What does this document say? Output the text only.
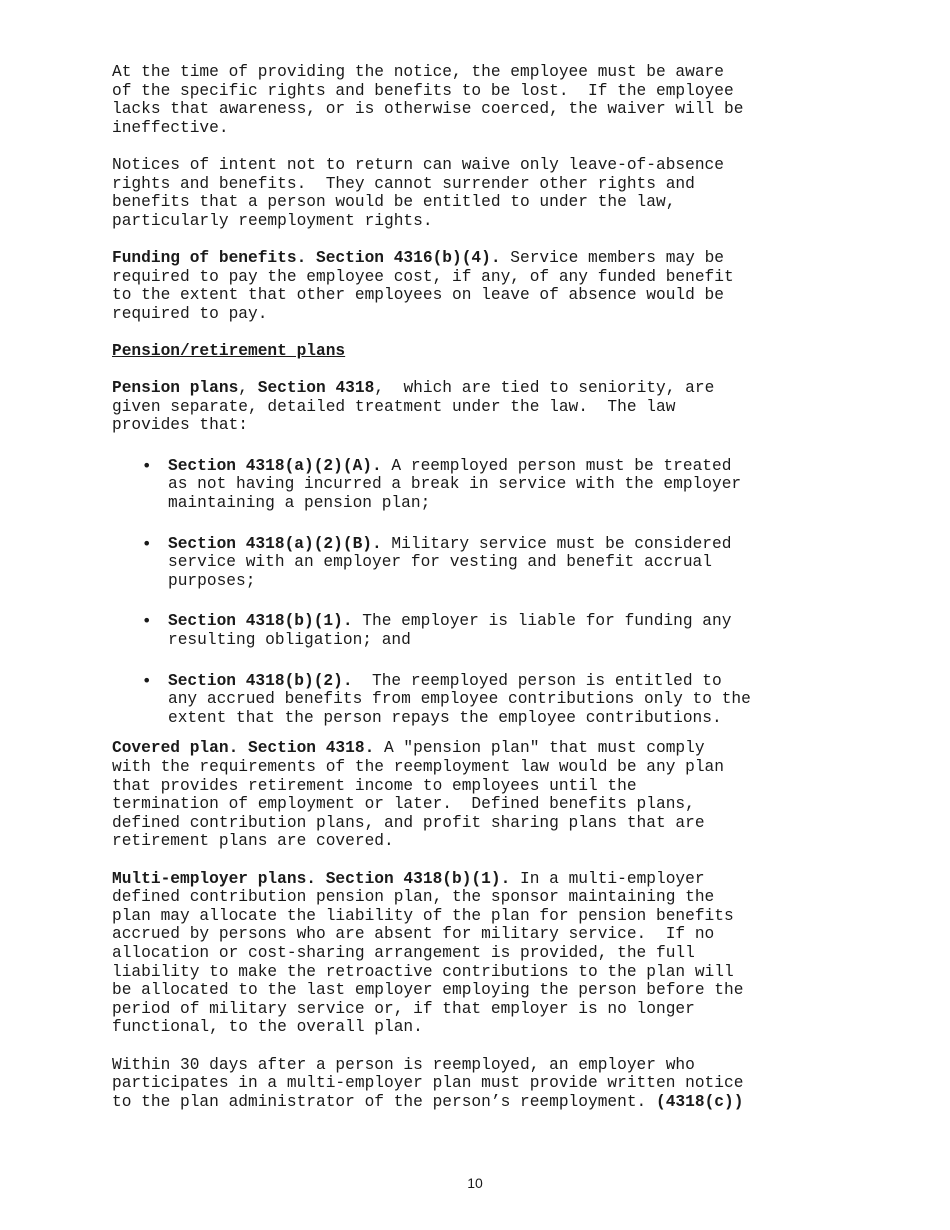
At the time of providing the notice, the employee must be aware
of the specific rights and benefits to be lost.  If the employee
lacks that awareness, or is otherwise coerced, the waiver will be
ineffective.

Notices of intent not to return can waive only leave-of-absence
rights and benefits.  They cannot surrender other rights and
benefits that a person would be entitled to under the law,
particularly reemployment rights.

Funding of benefits. Section 4316(b)(4). Service members may be
required to pay the employee cost, if any, of any funded benefit
to the extent that other employees on leave of absence would be
required to pay.

Pension/retirement plans

Pension plans, Section 4318,  which are tied to seniority, are
given separate, detailed treatment under the law.  The law
provides that:

• Section 4318(a)(2)(A). A reemployed person must be treated
as not having incurred a break in service with the employer
maintaining a pension plan;

• Section 4318(a)(2)(B). Military service must be considered
service with an employer for vesting and benefit accrual
purposes;

• Section 4318(b)(1). The employer is liable for funding any
resulting obligation; and

• Section 4318(b)(2).  The reemployed person is entitled to
any accrued benefits from employee contributions only to the
extent that the person repays the employee contributions.

Covered plan. Section 4318. A "pension plan" that must comply
with the requirements of the reemployment law would be any plan
that provides retirement income to employees until the
termination of employment or later.  Defined benefits plans,
defined contribution plans, and profit sharing plans that are
retirement plans are covered.

Multi-employer plans. Section 4318(b)(1). In a multi-employer
defined contribution pension plan, the sponsor maintaining the
plan may allocate the liability of the plan for pension benefits
accrued by persons who are absent for military service.  If no
allocation or cost-sharing arrangement is provided, the full
liability to make the retroactive contributions to the plan will
be allocated to the last employer employing the person before the
period of military service or, if that employer is no longer
functional, to the overall plan.

Within 30 days after a person is reemployed, an employer who
participates in a multi-employer plan must provide written notice
to the plan administrator of the person’s reemployment. (4318(c))

10
